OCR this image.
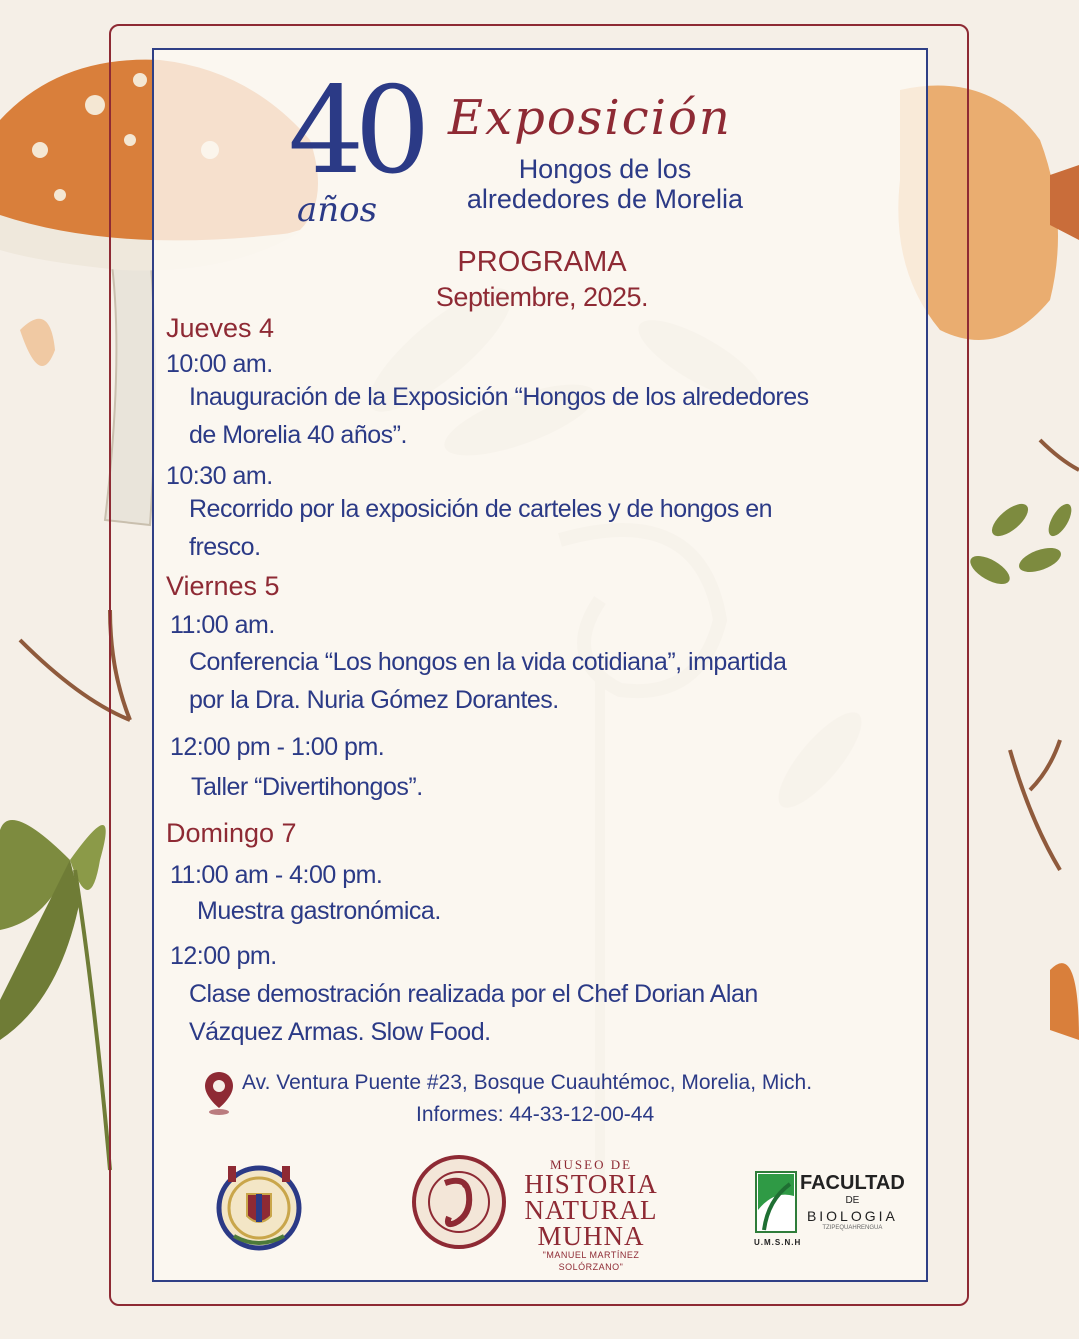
40
años
Exposición
Hongos de los
alrededores de Morelia
PROGRAMA
Septiembre, 2025.
Jueves 4
10:00 am.
Inauguración de la Exposición “Hongos de los alrededores
de Morelia 40 años”.
10:30 am.
Recorrido por la exposición de carteles y de hongos en
fresco.
Viernes 5
11:00 am.
Conferencia “Los hongos en la vida cotidiana”, impartida
por la Dra. Nuria Gómez Dorantes.
12:00 pm - 1:00 pm.
Taller “Divertihongos”.
Domingo 7
11:00 am - 4:00 pm.
Muestra gastronómica.
12:00 pm.
Clase demostración realizada por el Chef Dorian Alan
Vázquez Armas. Slow Food.
Av. Ventura Puente #23, Bosque Cuauhtémoc, Morelia, Mich.
Informes: 44-33-12-00-44
MUSEO DE
HISTORIA
NATURAL
MUHNA
"MANUEL MARTÍNEZ SOLÓRZANO"
FACULTAD
DE
BIOLOGIA
TZIPEQUAHRENGUA
U.M.S.N.H
